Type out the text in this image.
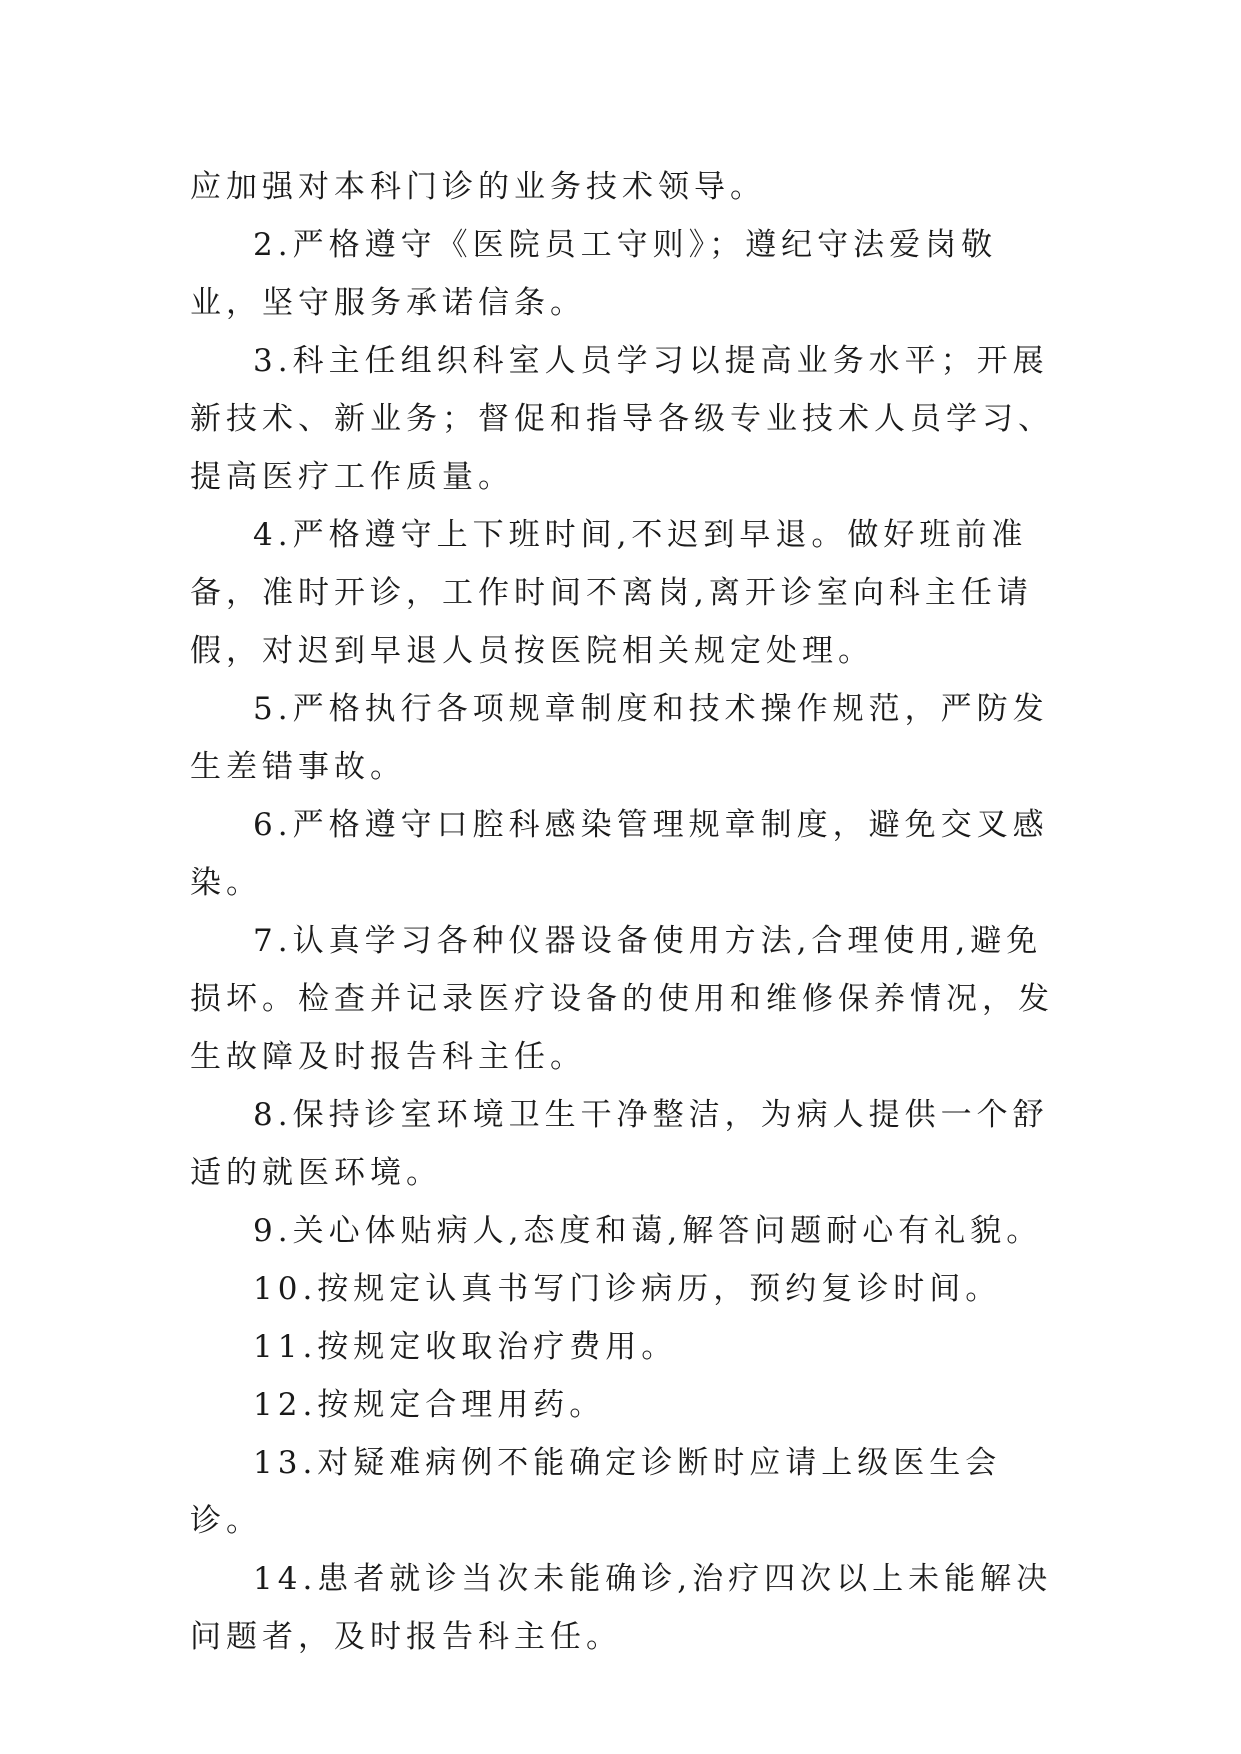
应加强对本科门诊的业务技术领导。

2.严格遵守《医院员工守则》；遵纪守法爱岗敬业，坚守服务承诺信条。

3.科主任组织科室人员学习以提高业务水平；开展新技术、新业务；督促和指导各级专业技术人员学习、提高医疗工作质量。

4.严格遵守上下班时间,不迟到早退。做好班前准备，准时开诊，工作时间不离岗,离开诊室向科主任请假，对迟到早退人员按医院相关规定处理。

5.严格执行各项规章制度和技术操作规范，严防发生差错事故。

6.严格遵守口腔科感染管理规章制度，避免交叉感染。

7.认真学习各种仪器设备使用方法,合理使用,避免损坏。检查并记录医疗设备的使用和维修保养情况，发生故障及时报告科主任。

8.保持诊室环境卫生干净整洁，为病人提供一个舒适的就医环境。

9.关心体贴病人,态度和蔼,解答问题耐心有礼貌。

10.按规定认真书写门诊病历，预约复诊时间。

11.按规定收取治疗费用。

12.按规定合理用药。

13.对疑难病例不能确定诊断时应请上级医生会诊。

14.患者就诊当次未能确诊,治疗四次以上未能解决问题者，及时报告科主任。
